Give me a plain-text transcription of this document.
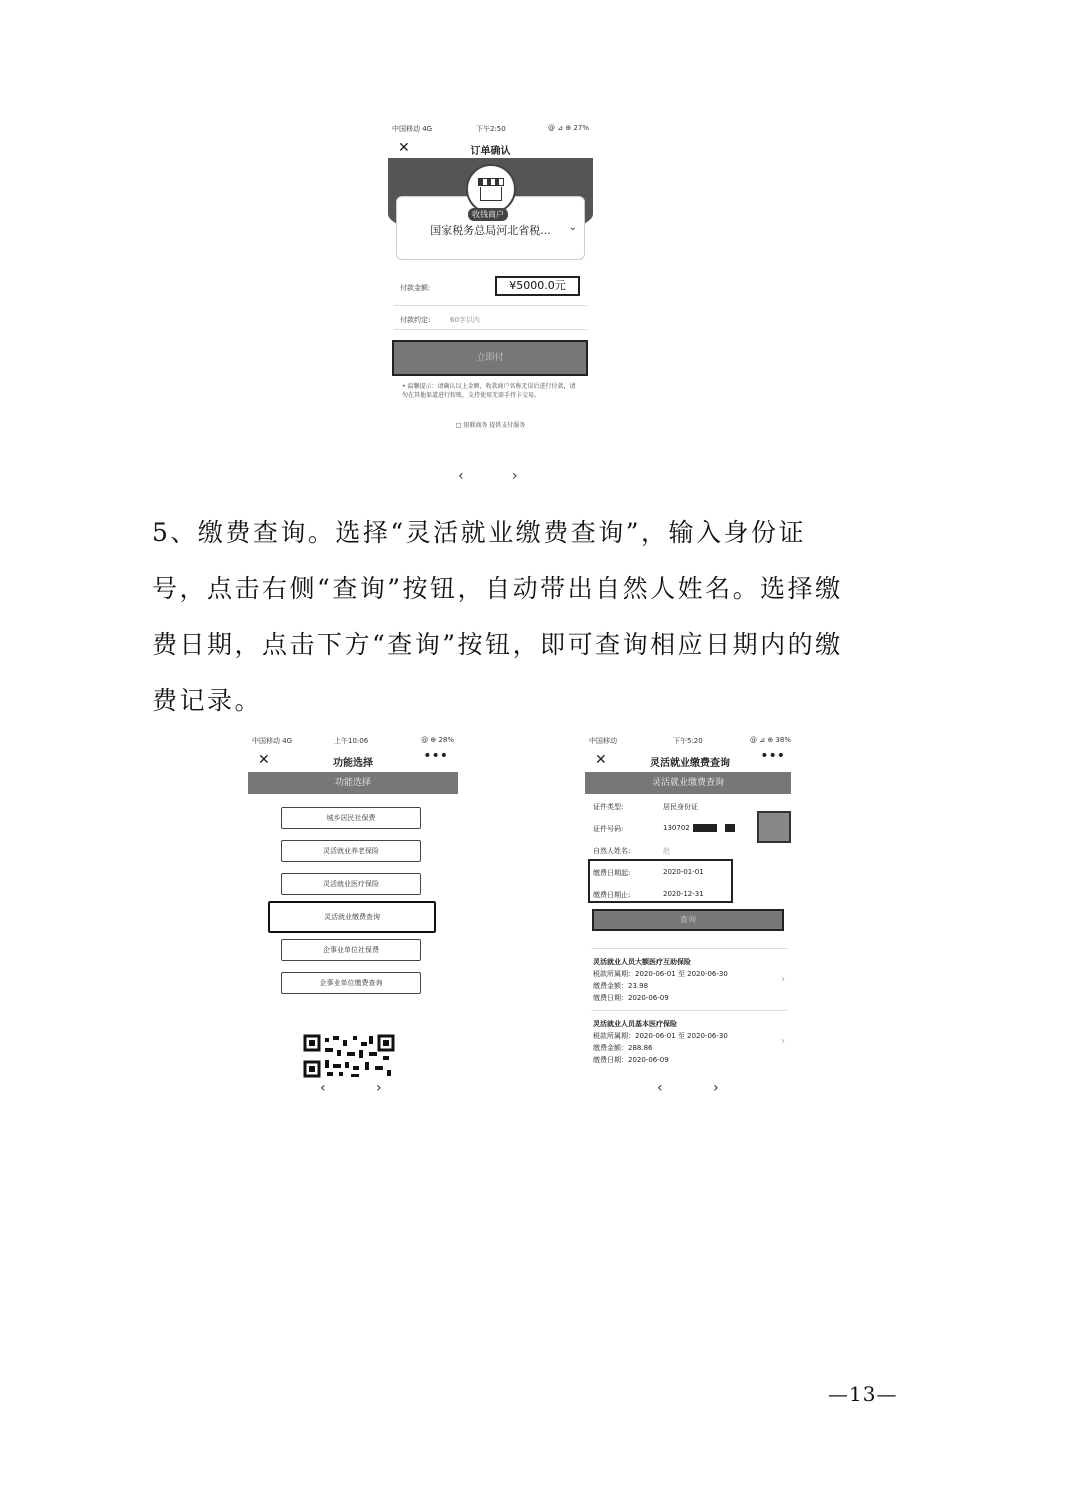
中国移动 4G	下午2:50	@ ⊿ ⊕ 27%
✕	订单确认
收钱商户
国家税务总局河北省税...	⌄
付款金额:	¥5000.0元
付款约定:	60字以内
立即付
• 温馨提示：请确认以上金额，收款商户名称无误后进行付款，请勿在其他渠道进行转账，支持使用无需手持卡交易。
□ 银联商务 提供支付服务
‹	›
5、缴费查询。选择“灵活就业缴费查询”，输入身份证
号，点击右侧“查询”按钮，自动带出自然人姓名。选择缴
费日期，点击下方“查询”按钮，即可查询相应日期内的缴
费记录。
中国移动 4G	上午10:06	@ ⊕ 28%
✕	功能选择	•••
功能选择
城乡居民社保费
灵活就业养老保险
灵活就业医疗保险
灵活就业缴费查询
企事业单位社保费
企事业单位缴费查询
‹	›
中国移动	下午5:20	@ ⊿ ⊕ 38%
✕	灵活就业缴费查询	•••
灵活就业缴费查询
证件类型:	居民身份证
证件号码:	130702
自然人姓名:	赵
缴费日期起:	2020-01-01
缴费日期止:	2020-12-31
查询
灵活就业人员大额医疗互助保险
税款所属期：2020-06-01 至 2020-06-30
缴费金额：23.98
缴费日期：2020-06-09
›
灵活就业人员基本医疗保险
税款所属期：2020-06-01 至 2020-06-30
缴费金额：288.86
缴费日期：2020-06-09
›
‹	›
—13—
